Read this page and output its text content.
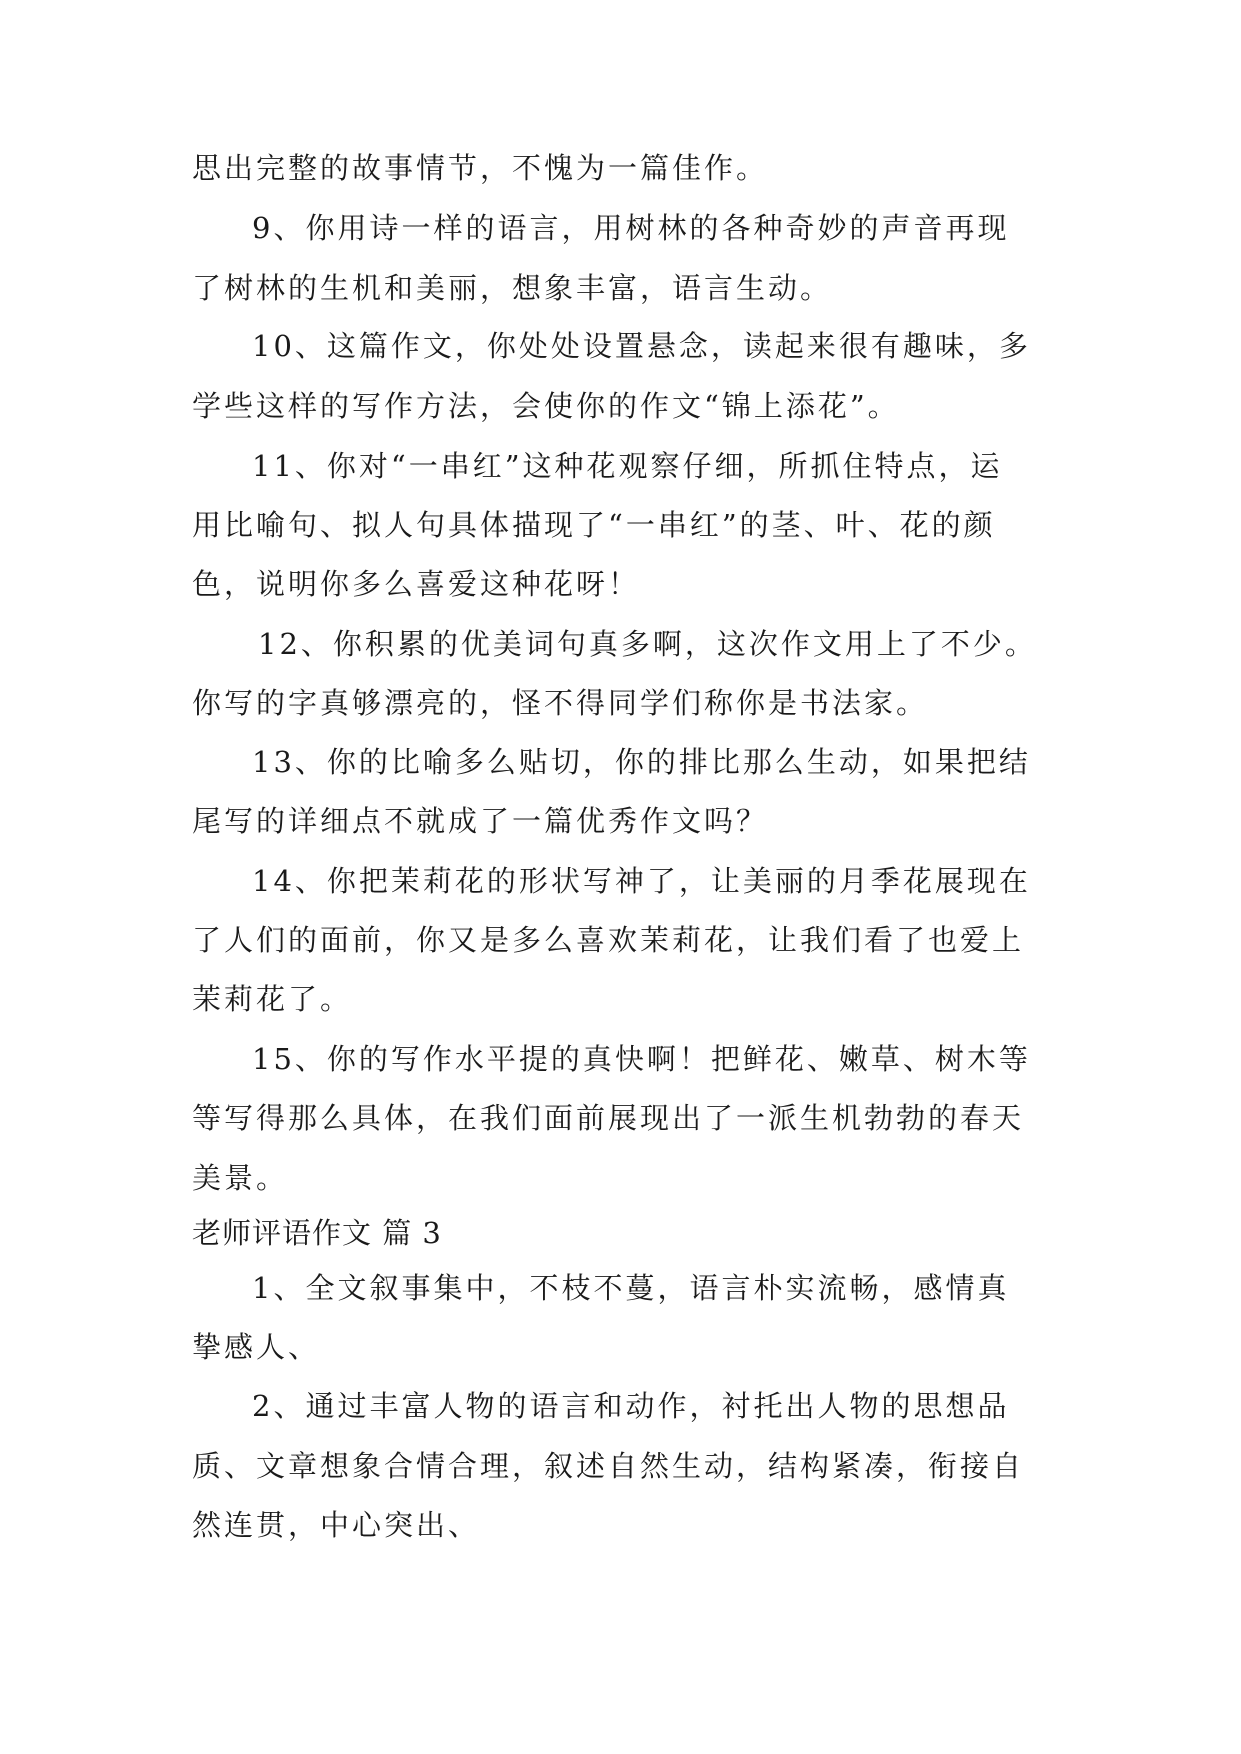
思出完整的故事情节，不愧为一篇佳作。
9、你用诗一样的语言，用树林的各种奇妙的声音再现
了树林的生机和美丽，想象丰富，语言生动。
10、这篇作文，你处处设置悬念，读起来很有趣味，多
学些这样的写作方法，会使你的作文“锦上添花”。
11、你对“一串红”这种花观察仔细，所抓住特点，运
用比喻句、拟人句具体描现了“一串红”的茎、叶、花的颜
色，说明你多么喜爱这种花呀！
12、你积累的优美词句真多啊，这次作文用上了不少。
你写的字真够漂亮的，怪不得同学们称你是书法家。
13、你的比喻多么贴切，你的排比那么生动，如果把结
尾写的详细点不就成了一篇优秀作文吗？
14、你把茉莉花的形状写神了，让美丽的月季花展现在
了人们的面前，你又是多么喜欢茉莉花，让我们看了也爱上
茉莉花了。
15、你的写作水平提的真快啊！把鲜花、嫩草、树木等
等写得那么具体，在我们面前展现出了一派生机勃勃的春天
美景。
老师评语作文 篇 3
1、全文叙事集中，不枝不蔓，语言朴实流畅，感情真
挚感人、
2、通过丰富人物的语言和动作，衬托出人物的思想品
质、文章想象合情合理，叙述自然生动，结构紧凑，衔接自
然连贯，中心突出、
